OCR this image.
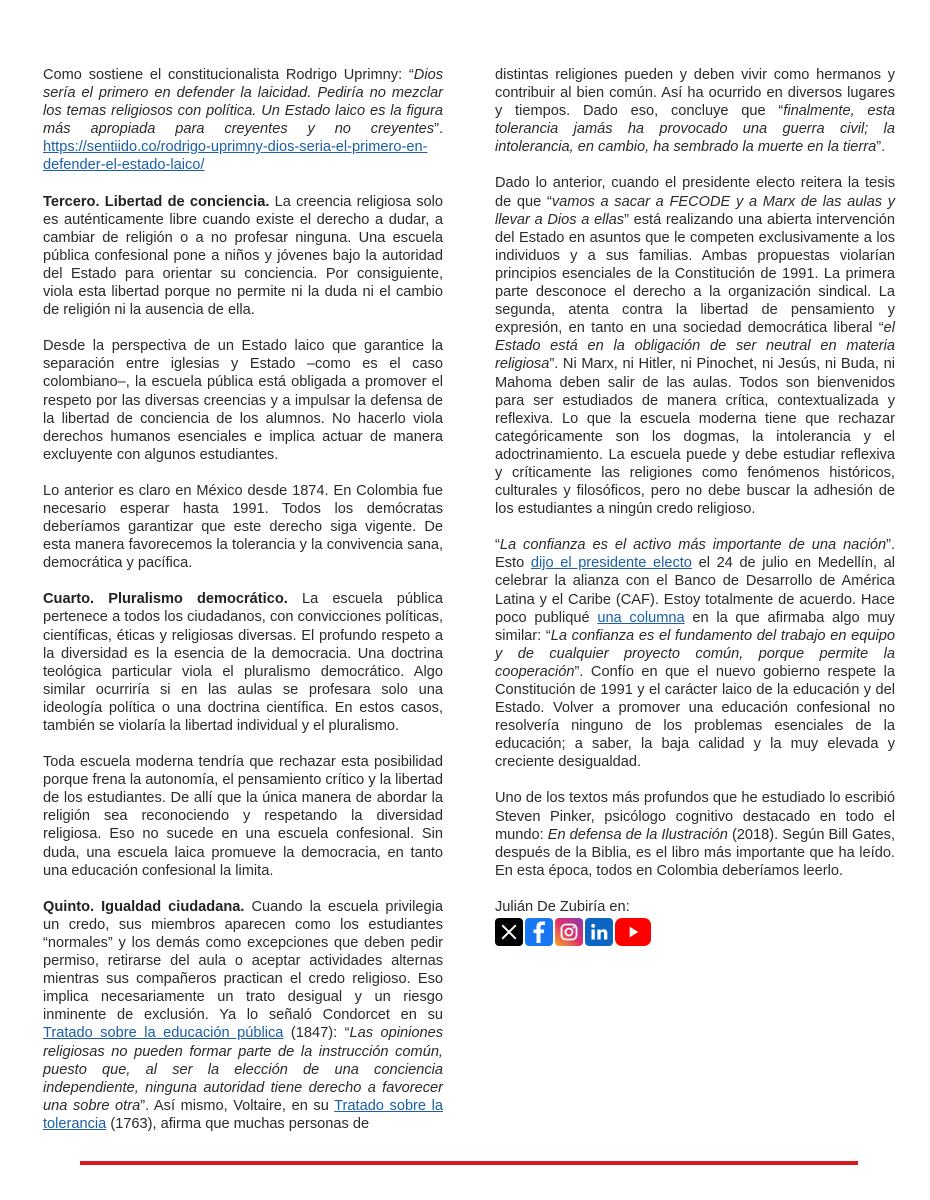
Como sostiene el constitucionalista Rodrigo Uprimny: “Dios sería el primero en defender la laicidad. Pediría no mezclar los temas religiosos con política. Un Estado laico es la figura más apropiada para creyentes y no creyentes”. https://sentiido.co/rodrigo-uprimny-dios-seria-el-primero-en-defender-el-estado-laico/

Tercero. Libertad de conciencia. La creencia religiosa solo es auténticamente libre cuando existe el derecho a dudar, a cambiar de religión o a no profesar ninguna. Una escuela pública confesional pone a niños y jóvenes bajo la autoridad del Estado para orientar su conciencia. Por consiguiente, viola esta libertad porque no permite ni la duda ni el cambio de religión ni la ausencia de ella.

Desde la perspectiva de un Estado laico que garantice la separación entre iglesias y Estado –como es el caso colombiano–, la escuela pública está obligada a promover el respeto por las diversas creencias y a impulsar la defensa de la libertad de conciencia de los alumnos. No hacerlo viola derechos humanos esenciales e implica actuar de manera excluyente con algunos estudiantes.

Lo anterior es claro en México desde 1874. En Colombia fue necesario esperar hasta 1991. Todos los demócratas deberíamos garantizar que este derecho siga vigente. De esta manera favorecemos la tolerancia y la convivencia sana, democrática y pacífica.

Cuarto. Pluralismo democrático. La escuela pública pertenece a todos los ciudadanos, con convicciones políticas, científicas, éticas y religiosas diversas. El profundo respeto a la diversidad es la esencia de la democracia. Una doctrina teológica particular viola el pluralismo democrático. Algo similar ocurriría si en las aulas se profesara solo una ideología política o una doctrina científica. En estos casos, también se violaría la libertad individual y el pluralismo.

Toda escuela moderna tendría que rechazar esta posibilidad porque frena la autonomía, el pensamiento crítico y la libertad de los estudiantes. De allí que la única manera de abordar la religión sea reconociendo y respetando la diversidad religiosa. Eso no sucede en una escuela confesional. Sin duda, una escuela laica promueve la democracia, en tanto una educación confesional la limita.

Quinto. Igualdad ciudadana. Cuando la escuela privilegia un credo, sus miembros aparecen como los estudiantes “normales” y los demás como excepciones que deben pedir permiso, retirarse del aula o aceptar actividades alternas mientras sus compañeros practican el credo religioso. Eso implica necesariamente un trato desigual y un riesgo inminente de exclusión. Ya lo señaló Condorcet en su Tratado sobre la educación pública (1847): “Las opiniones religiosas no pueden formar parte de la instrucción común, puesto que, al ser la elección de una conciencia independiente, ninguna autoridad tiene derecho a favorecer una sobre otra”. Así mismo, Voltaire, en su Tratado sobre la tolerancia (1763), afirma que muchas personas de

distintas religiones pueden y deben vivir como hermanos y contribuir al bien común. Así ha ocurrido en diversos lugares y tiempos. Dado eso, concluye que “finalmente, esta tolerancia jamás ha provocado una guerra civil; la intolerancia, en cambio, ha sembrado la muerte en la tierra”.

Dado lo anterior, cuando el presidente electo reitera la tesis de que “vamos a sacar a FECODE y a Marx de las aulas y llevar a Dios a ellas” está realizando una abierta intervención del Estado en asuntos que le competen exclusivamente a los individuos y a sus familias. Ambas propuestas violarían principios esenciales de la Constitución de 1991. La primera parte desconoce el derecho a la organización sindical. La segunda, atenta contra la libertad de pensamiento y expresión, en tanto en una sociedad democrática liberal “el Estado está en la obligación de ser neutral en materia religiosa”. Ni Marx, ni Hitler, ni Pinochet, ni Jesús, ni Buda, ni Mahoma deben salir de las aulas. Todos son bienvenidos para ser estudiados de manera crítica, contextualizada y reflexiva. Lo que la escuela moderna tiene que rechazar categóricamente son los dogmas, la intolerancia y el adoctrinamiento. La escuela puede y debe estudiar reflexiva y críticamente las religiones como fenómenos históricos, culturales y filosóficos, pero no debe buscar la adhesión de los estudiantes a ningún credo religioso.

“La confianza es el activo más importante de una nación”. Esto dijo el presidente electo el 24 de julio en Medellín, al celebrar la alianza con el Banco de Desarrollo de América Latina y el Caribe (CAF). Estoy totalmente de acuerdo. Hace poco publiqué una columna en la que afirmaba algo muy similar: “La confianza es el fundamento del trabajo en equipo y de cualquier proyecto común, porque permite la cooperación”. Confío en que el nuevo gobierno respete la Constitución de 1991 y el carácter laico de la educación y del Estado. Volver a promover una educación confesional no resolvería ninguno de los problemas esenciales de la educación; a saber, la baja calidad y la muy elevada y creciente desigualdad.

Uno de los textos más profundos que he estudiado lo escribió Steven Pinker, psicólogo cognitivo destacado en todo el mundo: En defensa de la Ilustración (2018). Según Bill Gates, después de la Biblia, es el libro más importante que ha leído. En esta época, todos en Colombia deberíamos leerlo.

Julián De Zubiría en:
